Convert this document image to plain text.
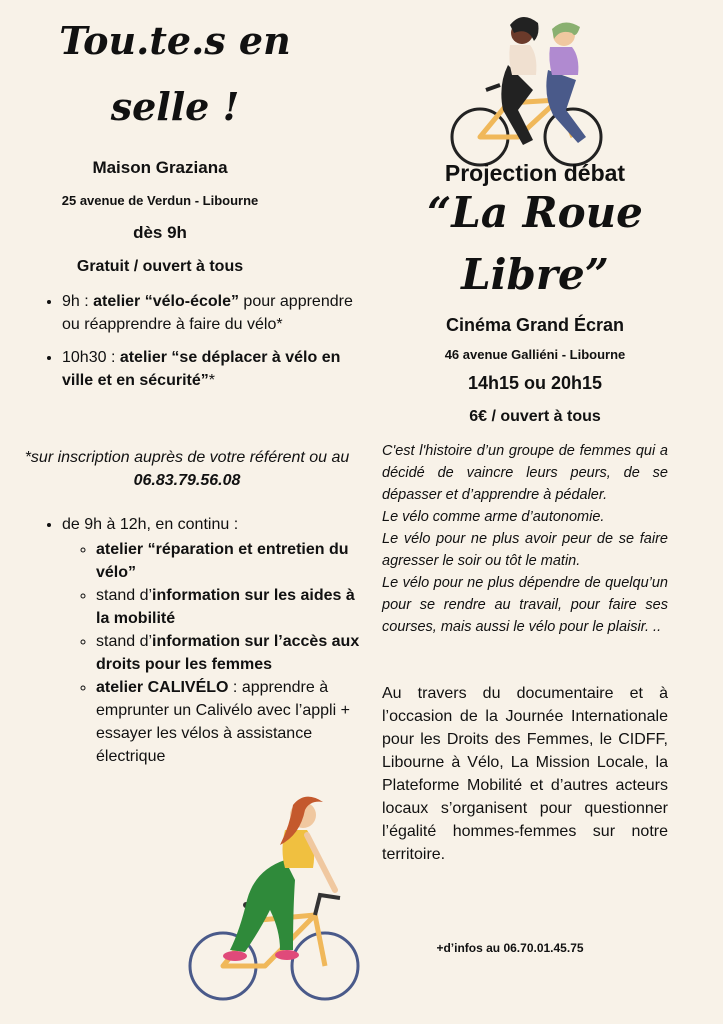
Tou.te.s en
selle !
Maison Graziana
25 avenue de Verdun - Libourne
dès 9h
Gratuit / ouvert à tous
• 9h : atelier “vélo-école” pour apprendre ou réapprendre à faire du vélo*
• 10h30 : atelier “se déplacer à vélo en ville et en sécurité”*
*sur inscription auprès de votre référent ou au 06.83.79.56.08
• de 9h à 12h, en continu :
◦ atelier “réparation et entretien du vélo”
◦ stand d’information sur les aides à la mobilité
◦ stand d’information sur l’accès aux droits pour les femmes
◦ atelier CALIVÉLO : apprendre à emprunter un Calivélo avec l’appli + essayer les vélos à assistance électrique
Projection débat
“La Roue
Libre”
Cinéma Grand Écran
46 avenue Galliéni - Libourne
14h15 ou 20h15
6€ / ouvert à tous
C'est l'histoire d’un groupe de femmes qui a décidé de vaincre leurs peurs, de se dépasser et d’apprendre à pédaler.
Le vélo comme arme d’autonomie.
Le vélo pour ne plus avoir peur de se faire agresser le soir ou tôt le matin.
Le vélo pour ne plus dépendre de quelqu’un pour se rendre au travail, pour faire ses courses, mais aussi le vélo pour le plaisir. ..
Au travers du documentaire et à l’occasion de la Journée Internationale pour les Droits des Femmes, le CIDFF, Libourne à Vélo, La Mission Locale, la Plateforme Mobilité et d’autres acteurs locaux s’organisent pour questionner l’égalité hommes-femmes sur notre territoire.
+d’infos au 06.70.01.45.75
